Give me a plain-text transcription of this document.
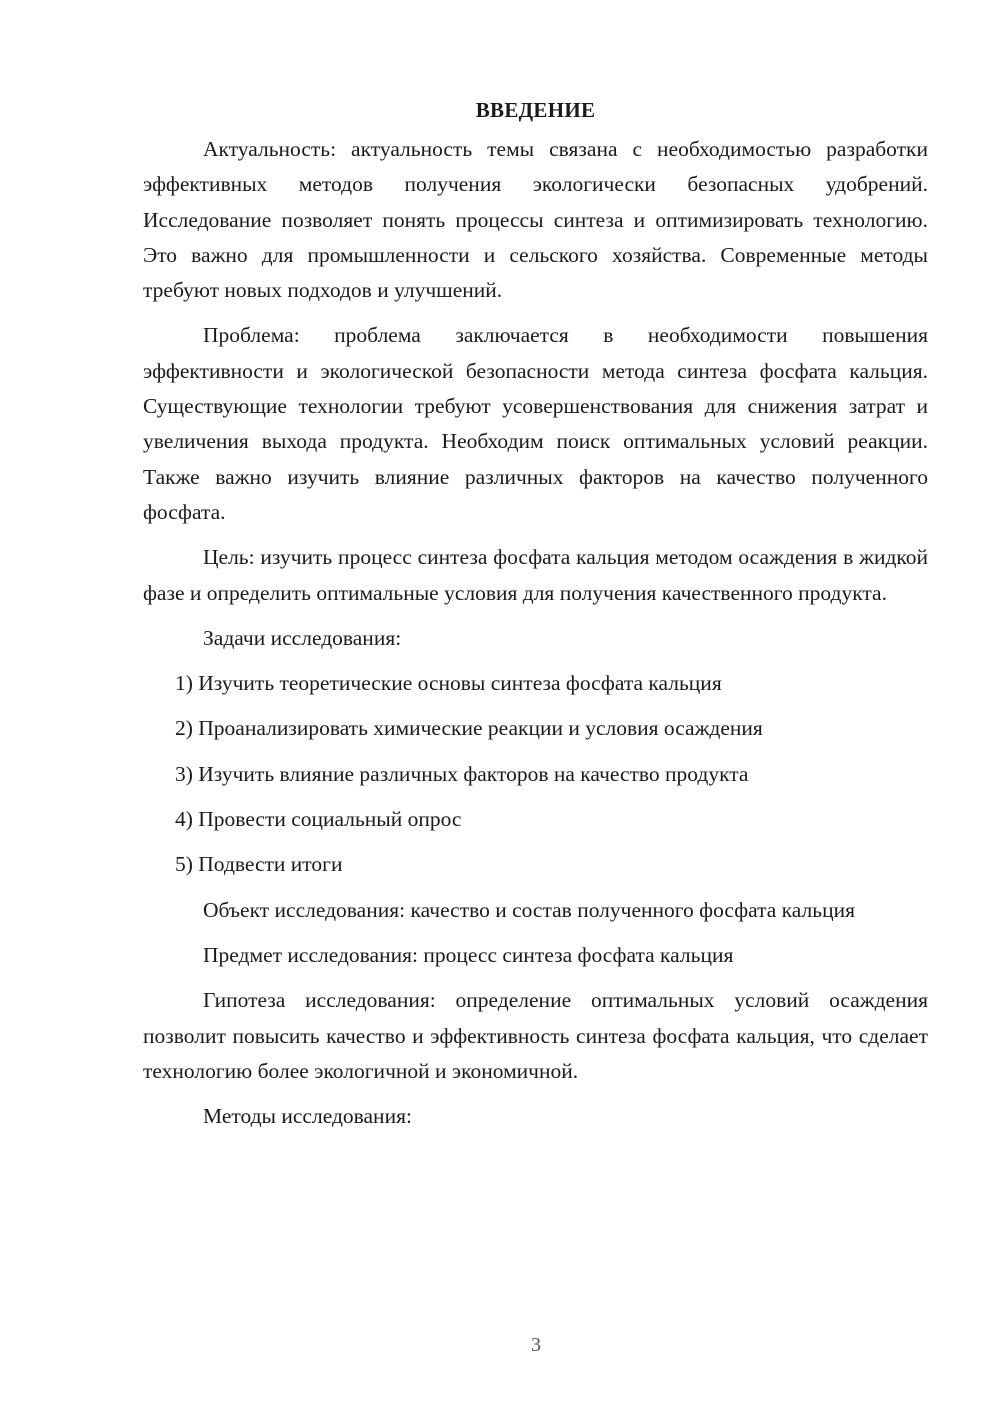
ВВЕДЕНИЕ

Актуальность: актуальность темы связана с необходимостью разработки эффективных методов получения экологически безопасных удобрений. Исследование позволяет понять процессы синтеза и оптимизировать технологию. Это важно для промышленности и сельского хозяйства. Современные методы требуют новых подходов и улучшений.

Проблема: проблема заключается в необходимости повышения эффективности и экологической безопасности метода синтеза фосфата кальция. Существующие технологии требуют усовершенствования для снижения затрат и увеличения выхода продукта. Необходим поиск оптимальных условий реакции. Также важно изучить влияние различных факторов на качество полученного фосфата.

Цель: изучить процесс синтеза фосфата кальция методом осаждения в жидкой фазе и определить оптимальные условия для получения качественного продукта.

Задачи исследования:

1) Изучить теоретические основы синтеза фосфата кальция
2) Проанализировать химические реакции и условия осаждения
3) Изучить влияние различных факторов на качество продукта
4) Провести социальный опрос
5) Подвести итоги

Объект исследования: качество и состав полученного фосфата кальция

Предмет исследования: процесс синтеза фосфата кальция

Гипотеза исследования: определение оптимальных условий осаждения позволит повысить качество и эффективность синтеза фосфата кальция, что сделает технологию более экологичной и экономичной.

Методы исследования:

3
